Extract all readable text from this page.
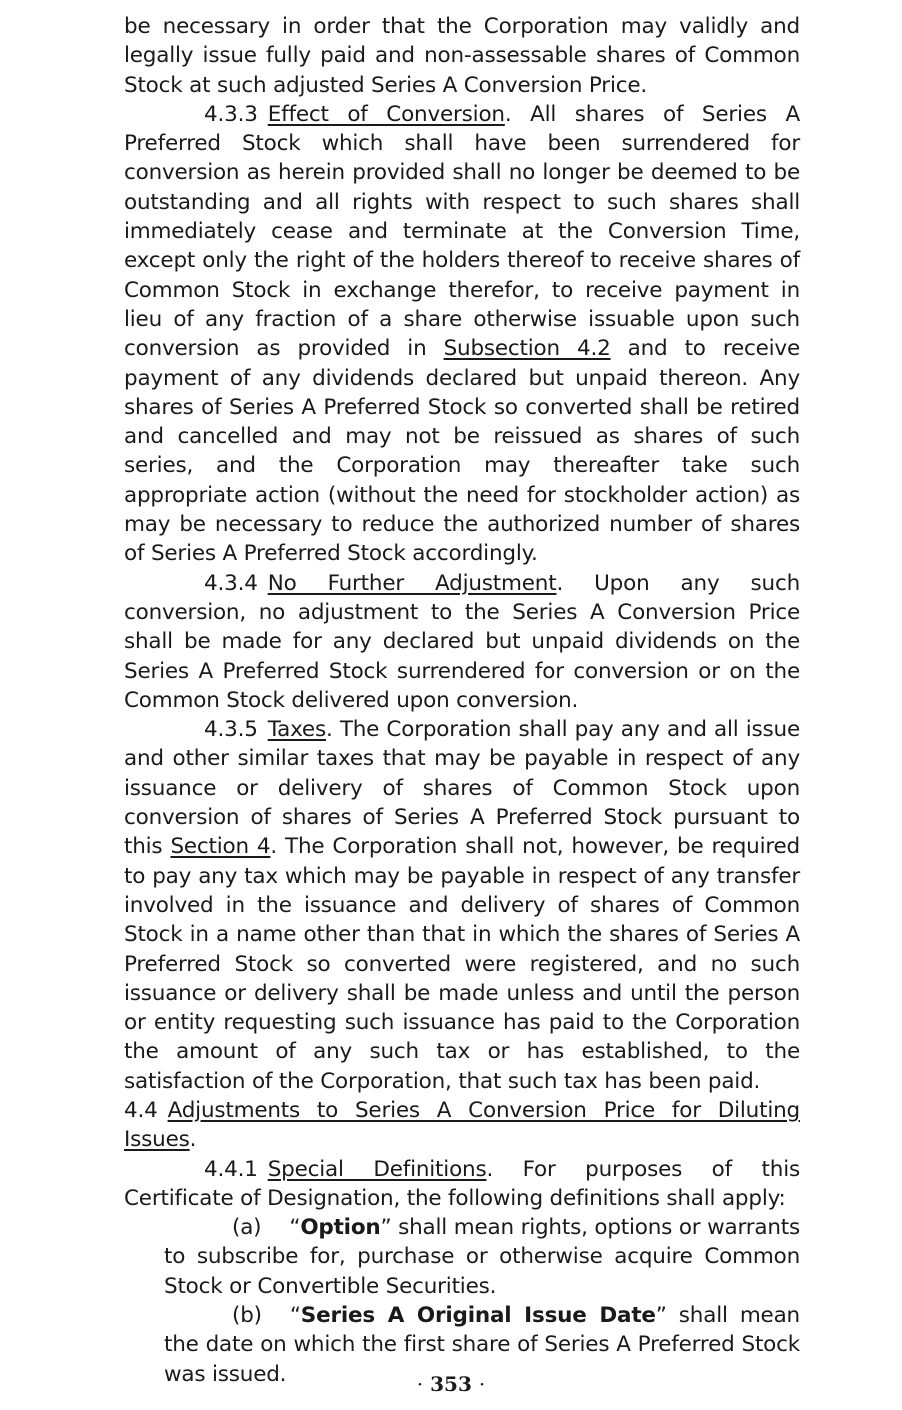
be necessary in order that the Corporation may validly and legally issue fully paid and non-assessable shares of Common Stock at such adjusted Series A Conversion Price.

4.3.3 Effect of Conversion. All shares of Series A Preferred Stock which shall have been surrendered for conversion as herein provided shall no longer be deemed to be outstanding and all rights with respect to such shares shall immediately cease and terminate at the Conversion Time, except only the right of the holders thereof to receive shares of Common Stock in exchange therefor, to receive payment in lieu of any fraction of a share otherwise issuable upon such conversion as provided in Subsection 4.2 and to receive payment of any dividends declared but unpaid thereon. Any shares of Series A Preferred Stock so converted shall be retired and cancelled and may not be reissued as shares of such series, and the Corporation may thereafter take such appropriate action (without the need for stockholder action) as may be necessary to reduce the authorized number of shares of Series A Preferred Stock accordingly.

4.3.4 No Further Adjustment. Upon any such conversion, no adjustment to the Series A Conversion Price shall be made for any declared but unpaid dividends on the Series A Preferred Stock surrendered for conversion or on the Common Stock delivered upon conversion.

4.3.5 Taxes. The Corporation shall pay any and all issue and other similar taxes that may be payable in respect of any issuance or delivery of shares of Common Stock upon conversion of shares of Series A Preferred Stock pursuant to this Section 4. The Corporation shall not, however, be required to pay any tax which may be payable in respect of any transfer involved in the issuance and delivery of shares of Common Stock in a name other than that in which the shares of Series A Preferred Stock so converted were registered, and no such issuance or delivery shall be made unless and until the person or entity requesting such issuance has paid to the Corporation the amount of any such tax or has established, to the satisfaction of the Corporation, that such tax has been paid.

4.4 Adjustments to Series A Conversion Price for Diluting Issues.

4.4.1 Special Definitions. For purposes of this Certificate of Designation, the following definitions shall apply:

(a) “Option” shall mean rights, options or warrants to subscribe for, purchase or otherwise acquire Common Stock or Convertible Securities.

(b) “Series A Original Issue Date” shall mean the date on which the first share of Series A Preferred Stock was issued.	· 353 ·
